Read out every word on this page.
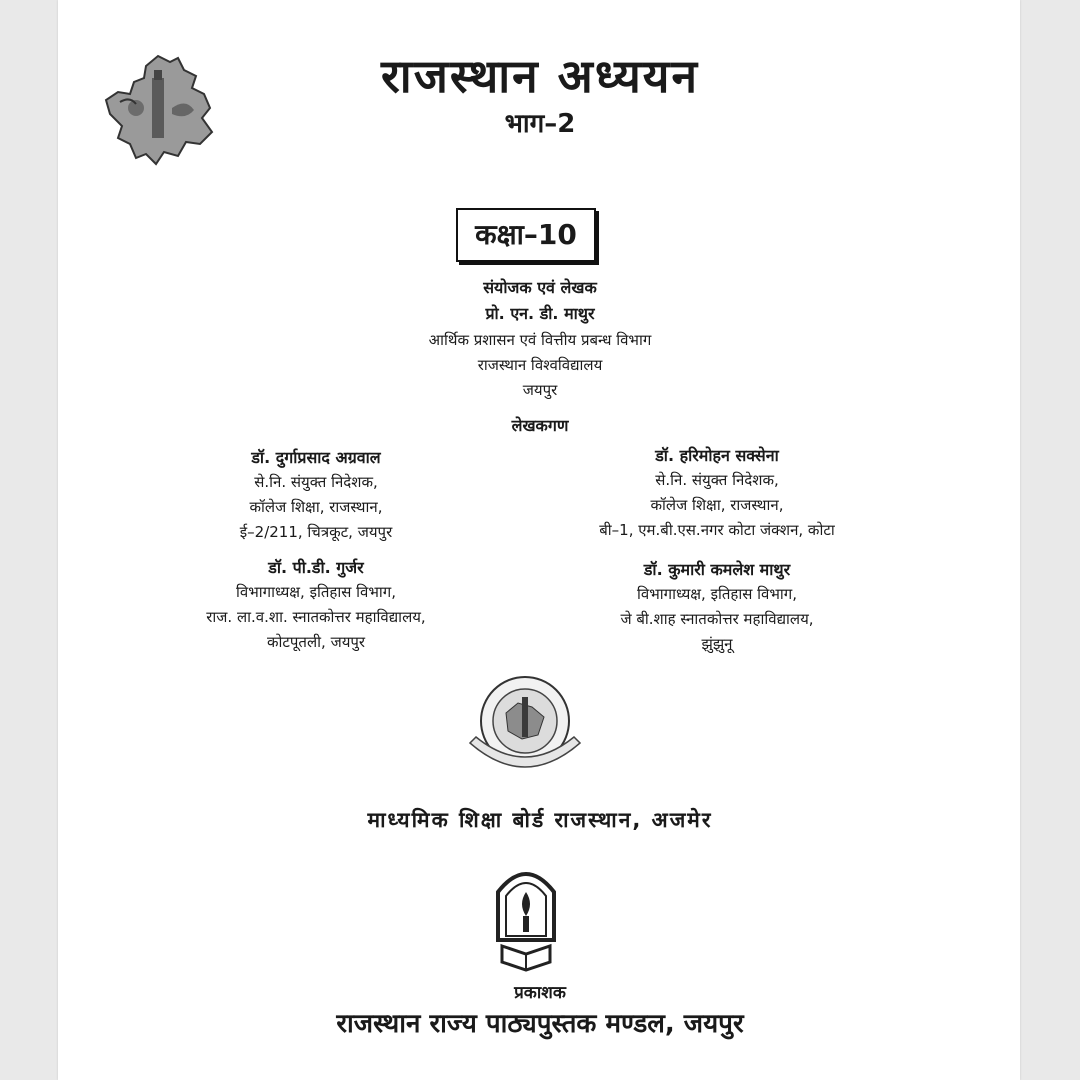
राजस्थान अध्ययन
भाग–2
कक्षा–10
संयोजक एवं लेखक
प्रो. एन. डी. माथुर
आर्थिक प्रशासन एवं वित्तीय प्रबन्ध विभाग
राजस्थान विश्वविद्यालय
जयपुर
लेखकगण
डॉ. दुर्गाप्रसाद अग्रवाल
से.नि. संयुक्त निदेशक,
कॉलेज शिक्षा, राजस्थान,
ई–2/211, चित्रकूट, जयपुर
डॉ. हरिमोहन सक्सेना
से.नि. संयुक्त निदेशक,
कॉलेज शिक्षा, राजस्थान,
बी–1, एम.बी.एस.नगर कोटा जंक्शन, कोटा
डॉ. पी.डी. गुर्जर
विभागाध्यक्ष, इतिहास विभाग,
राज. ला.व.शा. स्नातकोत्तर महाविद्यालय,
कोटपूतली, जयपुर
डॉ. कुमारी कमलेश माथुर
विभागाध्यक्ष, इतिहास विभाग,
जे बी.शाह स्नातकोत्तर महाविद्यालय,
झुंझुनू
माध्यमिक शिक्षा बोर्ड राजस्थान, अजमेर
प्रकाशक
राजस्थान राज्य पाठ्यपुस्तक मण्डल, जयपुर
